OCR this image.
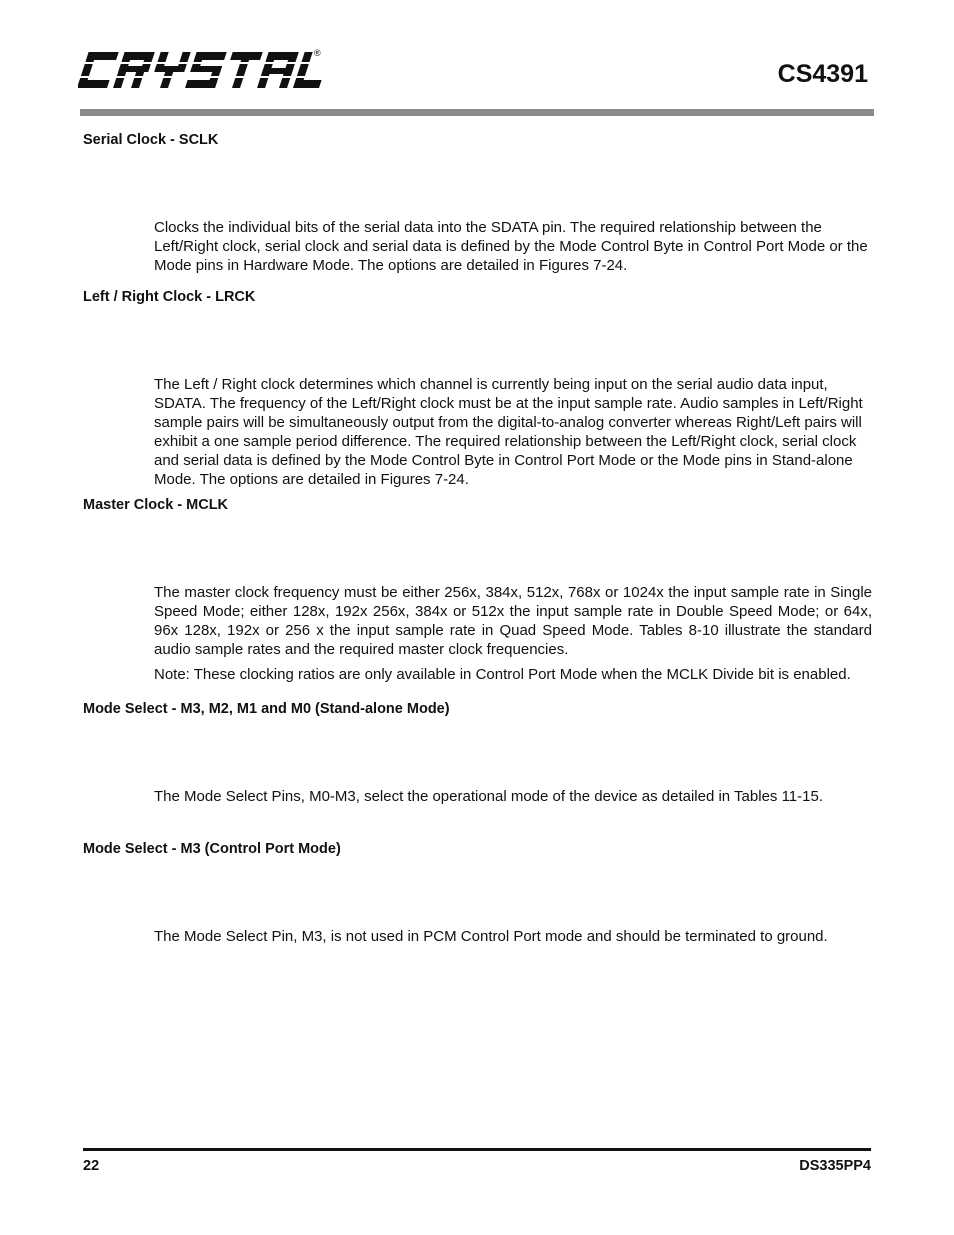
®
CS4391
Serial Clock - SCLK

Clocks the individual bits of the serial data into the SDATA pin. The required relationship between the Left/Right clock, serial clock and serial data is defined by the Mode Control Byte in Control Port Mode or the Mode pins in Hardware Mode. The options are detailed in Figures 7-24.

Left / Right Clock - LRCK

The Left / Right clock determines which channel is currently being input on the serial audio data input, SDATA. The frequency of the Left/Right clock must be at the input sample rate. Audio samples in Left/Right sample pairs will be simultaneously output from the digital-to-analog converter whereas Right/Left pairs will exhibit a one sample period difference. The required relationship between the Left/Right clock, serial clock and serial data is defined by the Mode Control Byte in Control Port Mode or the Mode pins in Stand-alone Mode. The options are detailed in Figures 7-24.

Master Clock - MCLK

The master clock frequency must be either 256x, 384x, 512x, 768x or 1024x the input sample rate in Single Speed Mode; either 128x, 192x 256x, 384x or 512x the input sample rate in Double Speed Mode; or 64x, 96x 128x, 192x or 256 x the input sample rate in Quad Speed Mode. Tables 8-10 illustrate the standard audio sample rates and the required master clock frequencies.

Note: These clocking ratios are only available in Control Port Mode when the MCLK Divide bit is enabled.

Mode Select - M3, M2, M1 and M0 (Stand-alone Mode)

The Mode Select Pins, M0-M3, select the operational mode of the device as detailed in Tables 11-15.

Mode Select - M3 (Control Port Mode)

The Mode Select Pin, M3, is not used in PCM Control Port mode and should be terminated to ground.

22	DS335PP4
